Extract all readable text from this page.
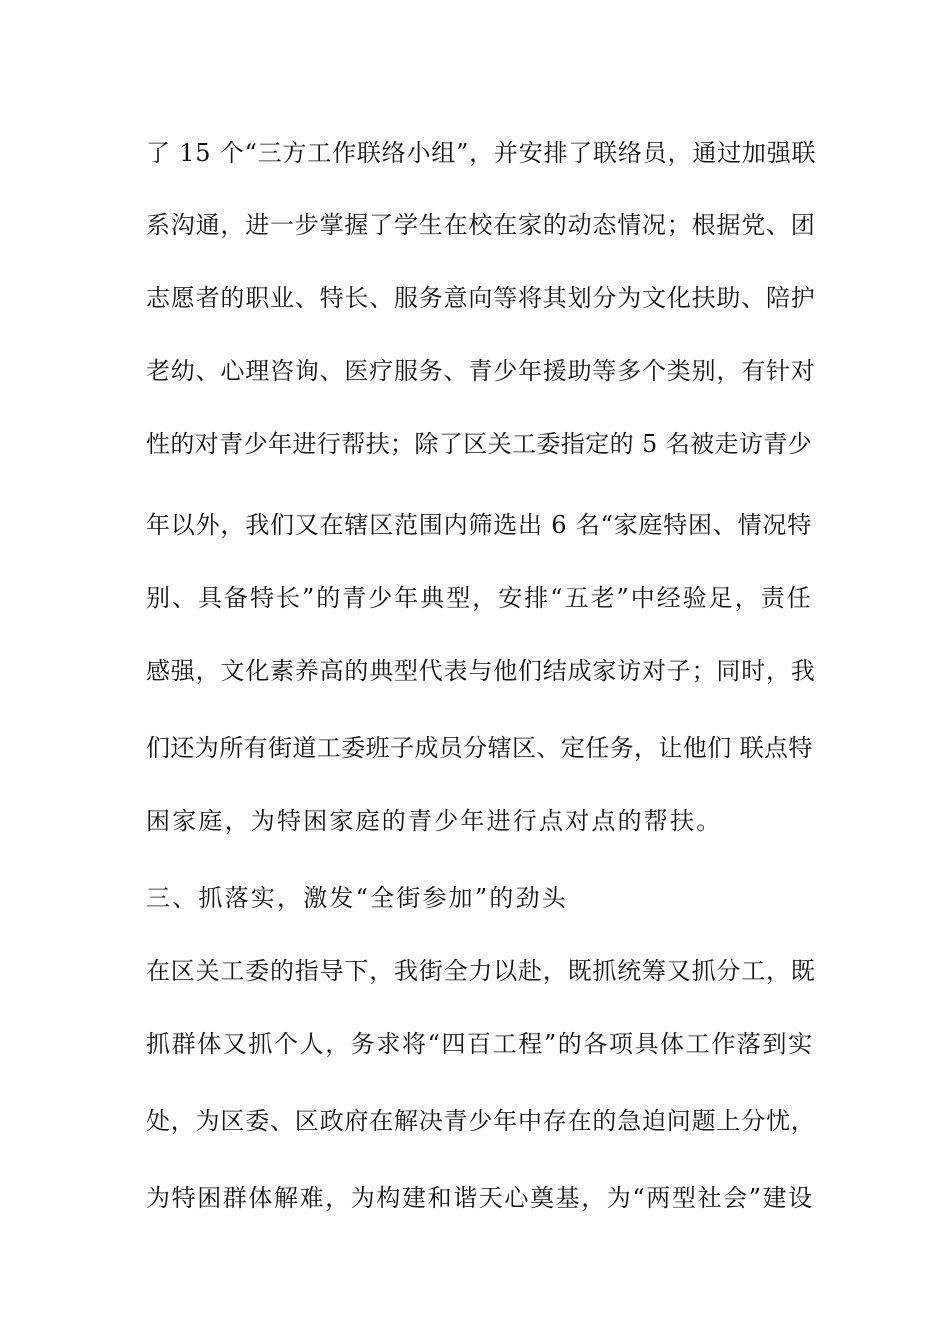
了 15 个“三方工作联络小组”，并安排了联络员，通过加强联
系沟通，进一步掌握了学生在校在家的动态情况；根据党、团
志愿者的职业、特长、服务意向等将其划分为文化扶助、陪护
老幼、心理咨询、医疗服务、青少年援助等多个类别，有针对
性的对青少年进行帮扶；除了区关工委指定的 5 名被走访青少
年以外，我们又在辖区范围内筛选出 6 名“家庭特困、情况特
别、具备特长”的青少年典型，安排“五老”中经验足，责任
感强，文化素养高的典型代表与他们结成家访对子；同时，我
们还为所有街道工委班子成员分辖区、定任务，让他们 联点特
困家庭，为特困家庭的青少年进行点对点的帮扶。
三、抓落实，激发“全街参加”的劲头
在区关工委的指导下，我街全力以赴，既抓统筹又抓分工，既
抓群体又抓个人，务求将“四百工程”的各项具体工作落到实
处，为区委、区政府在解决青少年中存在的急迫问题上分忧，
为特困群体解难，为构建和谐天心奠基，为“两型社会”建设
